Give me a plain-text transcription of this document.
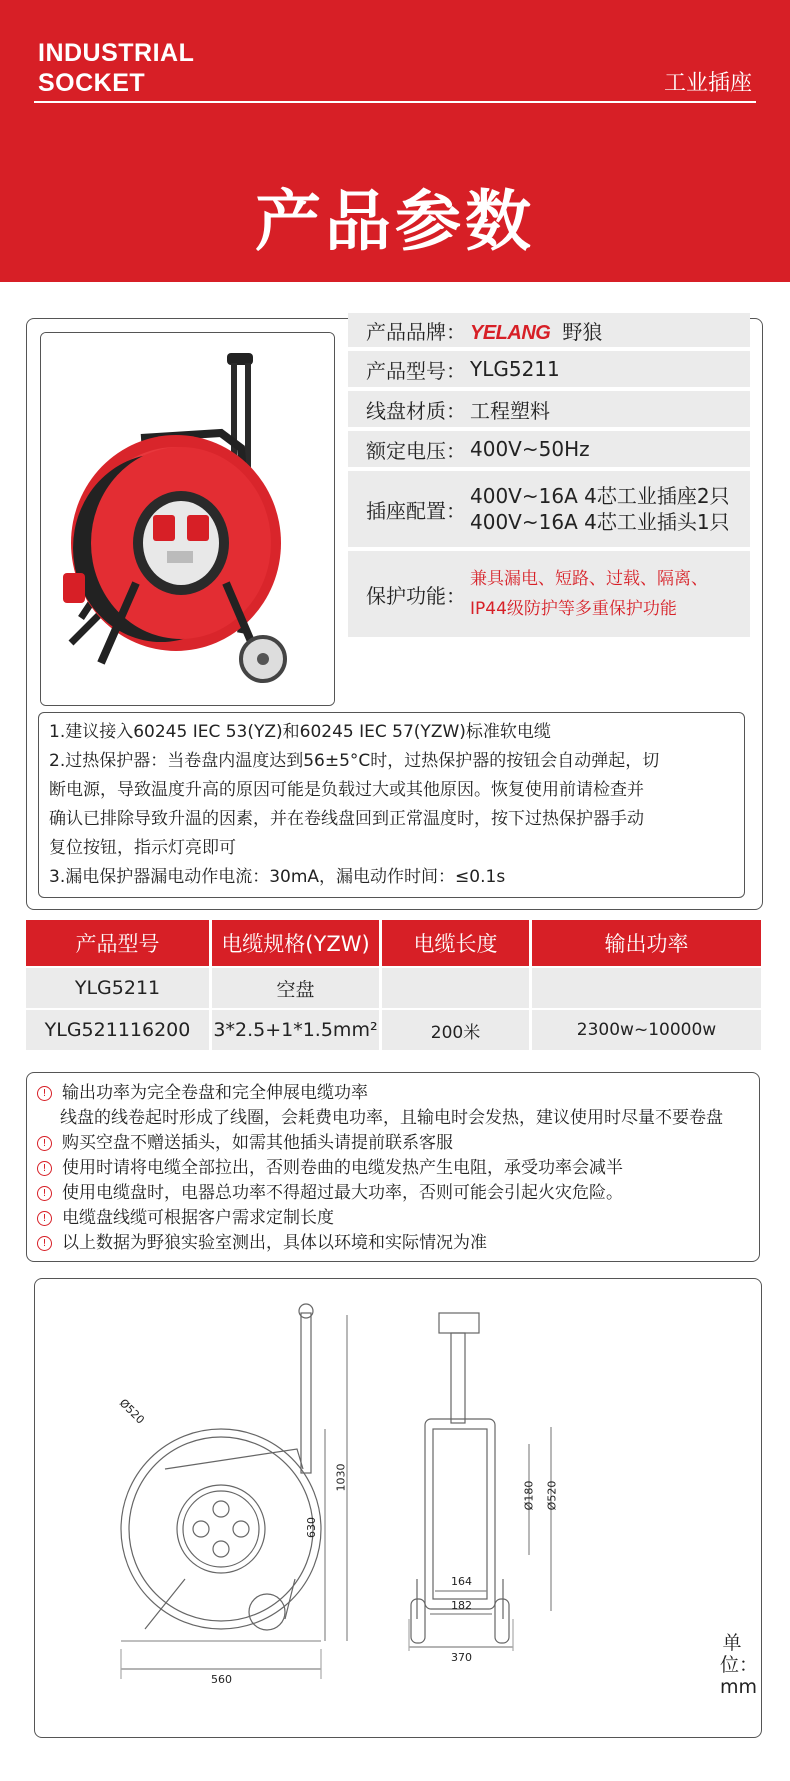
INDUSTRIAL
SOCKET	工业插座
产品参数
产品品牌： YELANG 野狼
产品型号： YLG5211
线盘材质： 工程塑料
额定电压： 400V~50Hz
插座配置：
400V~16A 4芯工业插座2只
400V~16A 4芯工业插头1只
保护功能：
兼具漏电、短路、过载、隔离、
IP44级防护等多重保护功能
1.建议接入60245 IEC 53(YZ)和60245 IEC 57(YZW)标准软电缆
2.过热保护器：当卷盘内温度达到56±5°C时，过热保护器的按钮会自动弹起，切
断电源，导致温度升高的原因可能是负载过大或其他原因。恢复使用前请检查并
确认已排除导致升温的因素，并在卷线盘回到正常温度时，按下过热保护器手动
复位按钮，指示灯亮即可
3.漏电保护器漏电动作电流：30mA，漏电动作时间：≤0.1s
产品型号	电缆规格(YZW)	电缆长度	输出功率
YLG5211	空盘
YLG521116200	3*2.5+1*1.5mm²	200米	2300w~10000w
! 输出功率为完全卷盘和完全伸展电缆功率
线盘的线卷起时形成了线圈，会耗费电功率，且输电时会发热，建议使用时尽量不要卷盘
! 购买空盘不赠送插头，如需其他插头请提前联系客服
! 使用时请将电缆全部拉出，否则卷曲的电缆发热产生电阻，承受功率会减半
! 使用电缆盘时，电器总功率不得超过最大功率，否则可能会引起火灾危险。
! 电缆盘线缆可根据客户需求定制长度
! 以上数据为野狼实验室测出，具体以环境和实际情况为准
Ø520
1030
630
560
Ø180 Ø520
164
182
370
单位：mm
